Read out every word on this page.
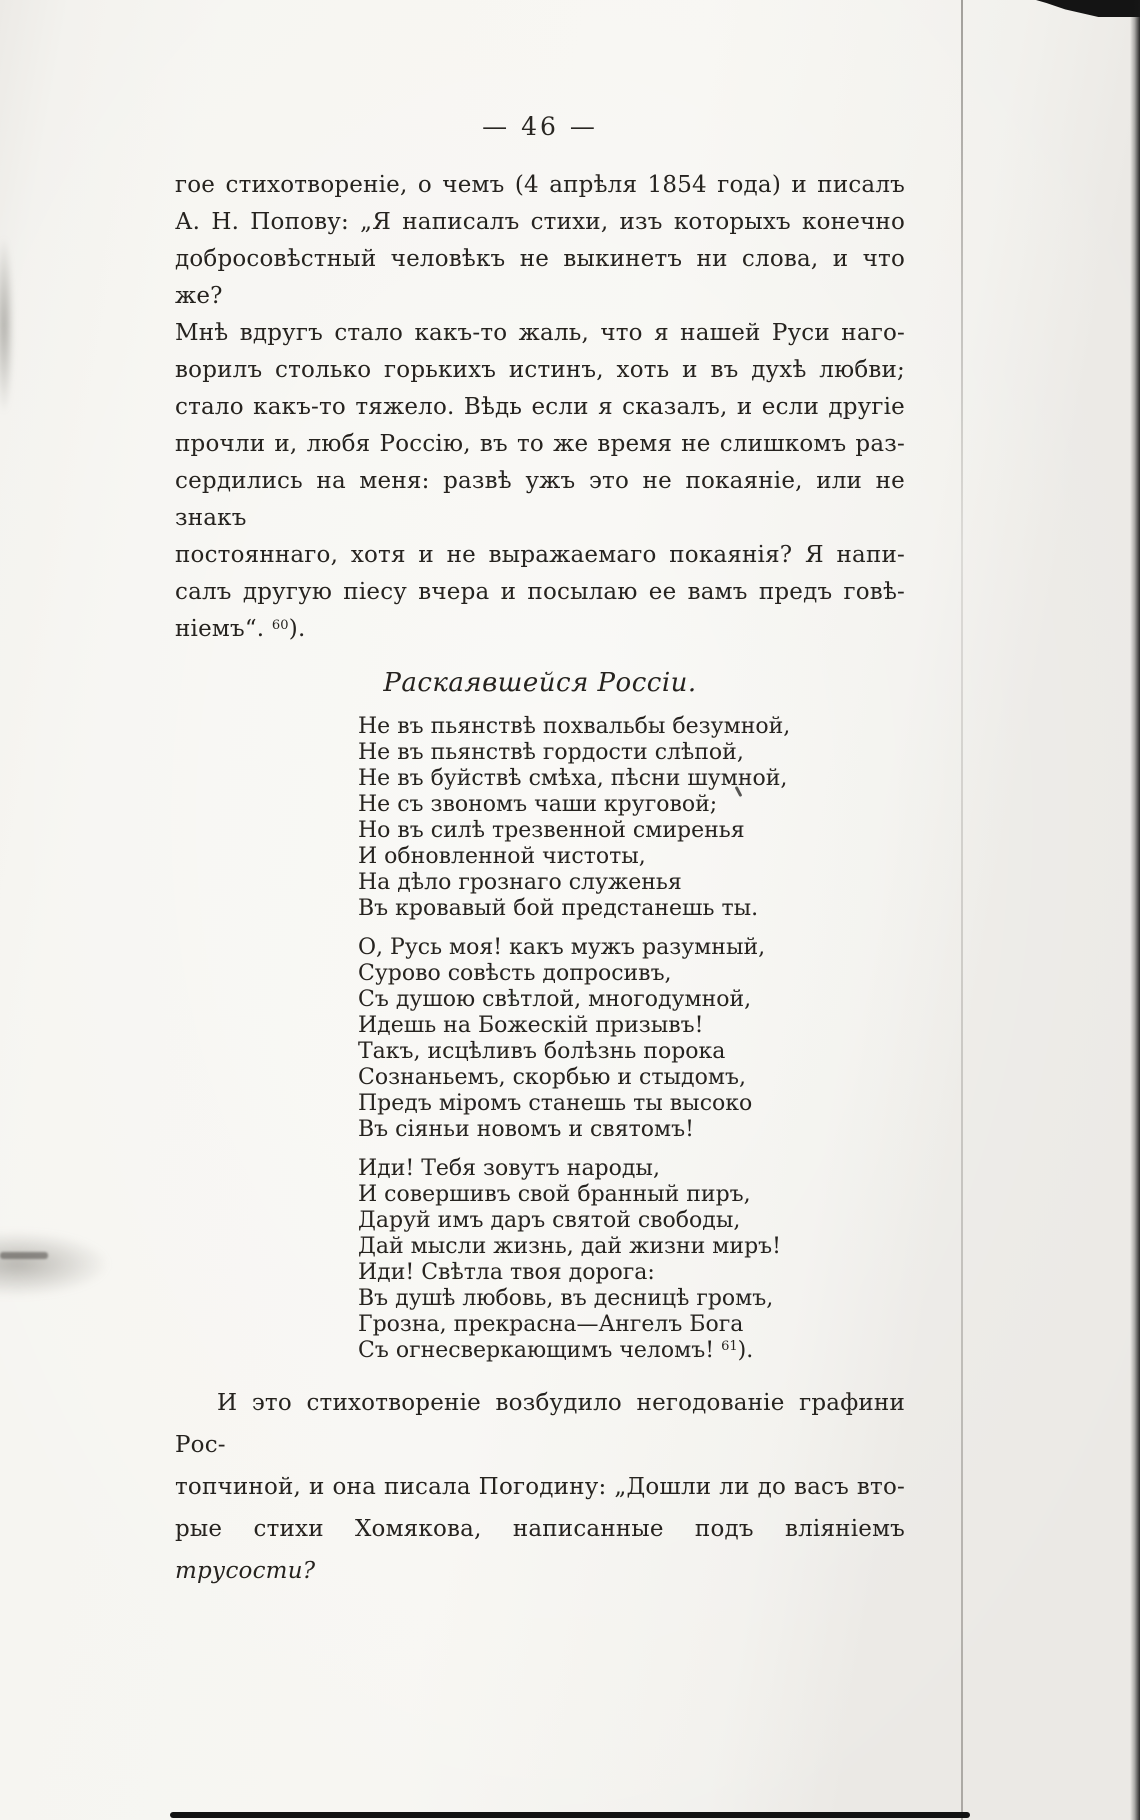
— 46 —
гое стихотвореніе, о чемъ (4 апрѣля 1854 года) и писалъ
А. Н. Попову: „Я написалъ стихи, изъ которыхъ конечно
добросовѣстный человѣкъ не выкинетъ ни слова, и что же?
Мнѣ вдругъ стало какъ-то жаль, что я нашей Руси наго-
ворилъ столько горькихъ истинъ, хоть и въ духѣ любви;
стало какъ-то тяжело. Вѣдь если я сказалъ, и если другіе
прочли и, любя Россію, въ то же время не слишкомъ раз-
сердились на меня: развѣ ужъ это не покаяніе, или не знакъ
постояннаго, хотя и не выражаемаго покаянія? Я напи-
салъ другую піесу вчера и посылаю ее вамъ предъ говѣ-
ніемъ“. $^{60}$).
Раскаявшейся Россіи.
Не въ пьянствѣ похвальбы безумной,
Не въ пьянствѣ гордости слѣпой,
Не въ буйствѣ смѣха, пѣсни шумной,
Не съ звономъ чаши круговой;
Но въ силѣ трезвенной смиренья
И обновленной чистоты,
На дѣло грознаго служенья
Въ кровавый бой предстанешь ты.
О, Русь моя! какъ мужъ разумный,
Сурово совѣсть допросивъ,
Съ душою свѣтлой, многодумной,
Идешь на Божескій призывъ!
Такъ, исцѣливъ болѣзнь порока
Сознаньемъ, скорбью и стыдомъ,
Предъ міромъ станешь ты высоко
Въ сіяньи новомъ и святомъ!
Иди! Тебя зовутъ народы,
И совершивъ свой бранный пиръ,
Даруй имъ даръ святой свободы,
Дай мысли жизнь, дай жизни миръ!
Иди! Свѣтла твоя дорога:
Въ душѣ любовь, въ десницѣ громъ,
Грозна, прекрасна—Ангелъ Бога
Съ огнесверкающимъ челомъ! $^{61}$).
И это стихотвореніе возбудило негодованіе графини Рос-
топчиной, и она писала Погодину: „Дошли ли до васъ вто-
рые стихи Хомякова, написанные подъ вліяніемъ трусости?
